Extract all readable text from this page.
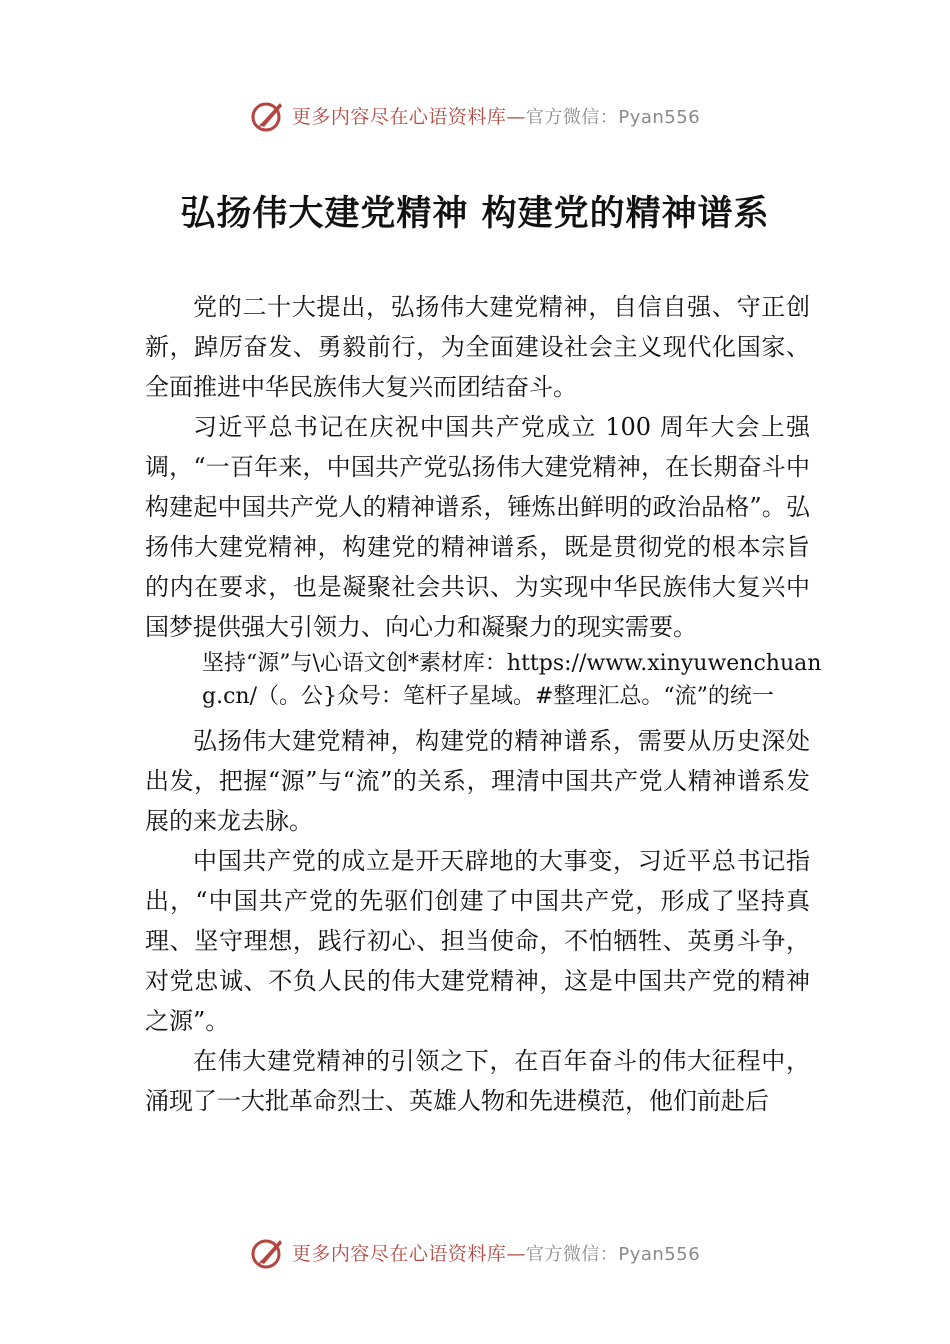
更多内容尽在心语资料库—官方微信：Pyan556
弘扬伟大建党精神 构建党的精神谱系

党的二十大提出，弘扬伟大建党精神，自信自强、守正创新，踔厉奋发、勇毅前行，为全面建设社会主义现代化国家、全面推进中华民族伟大复兴而团结奋斗。

习近平总书记在庆祝中国共产党成立 100 周年大会上强调，“一百年来，中国共产党弘扬伟大建党精神，在长期奋斗中构建起中国共产党人的精神谱系，锤炼出鲜明的政治品格”。弘扬伟大建党精神，构建党的精神谱系，既是贯彻党的根本宗旨的内在要求，也是凝聚社会共识、为实现中华民族伟大复兴中国梦提供强大引领力、向心力和凝聚力的现实需要。

坚持“源”与\心语文创*素材库：https://www.xinyuwenchuang.cn/（。公}众号：笔杆子星域。#整理汇总。“流”的统一

弘扬伟大建党精神，构建党的精神谱系，需要从历史深处出发，把握“源”与“流”的关系，理清中国共产党人精神谱系发展的来龙去脉。

中国共产党的成立是开天辟地的大事变，习近平总书记指出，“中国共产党的先驱们创建了中国共产党，形成了坚持真理、坚守理想，践行初心、担当使命，不怕牺牲、英勇斗争，对党忠诚、不负人民的伟大建党精神，这是中国共产党的精神之源”。

在伟大建党精神的引领之下，在百年奋斗的伟大征程中，涌现了一大批革命烈士、英雄人物和先进模范，他们前赴后

更多内容尽在心语资料库—官方微信：Pyan556
